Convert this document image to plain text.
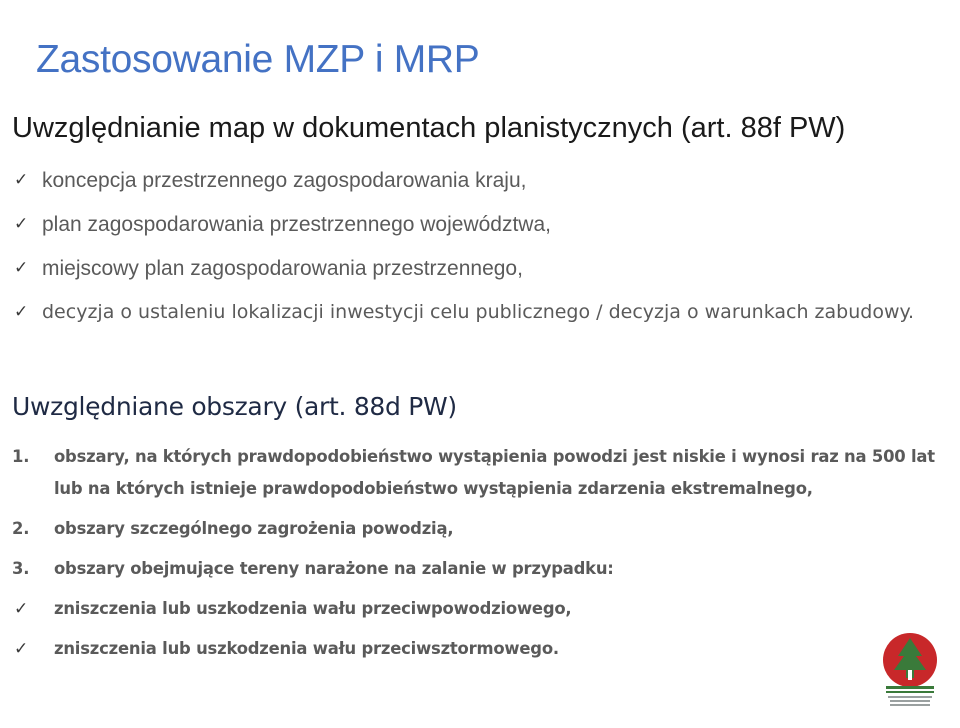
Zastosowanie MZP i MRP
Uwzględnianie map w dokumentach planistycznych (art. 88f PW)
✓ koncepcja przestrzennego zagospodarowania kraju,
✓ plan zagospodarowania przestrzennego województwa,
✓ miejscowy plan zagospodarowania przestrzennego,
✓ decyzja o ustaleniu lokalizacji inwestycji celu publicznego / decyzja o warunkach zabudowy.
Uwzględniane obszary (art. 88d PW)
1. obszary, na których prawdopodobieństwo wystąpienia powodzi jest niskie i wynosi raz na 500 lat lub na których istnieje prawdopodobieństwo wystąpienia zdarzenia ekstremalnego,
2. obszary szczególnego zagrożenia powodzią,
3. obszary obejmujące tereny narażone na zalanie w przypadku:
✓ zniszczenia lub uszkodzenia wału przeciwpowodziowego,
✓ zniszczenia lub uszkodzenia wału przeciwsztormowego.
